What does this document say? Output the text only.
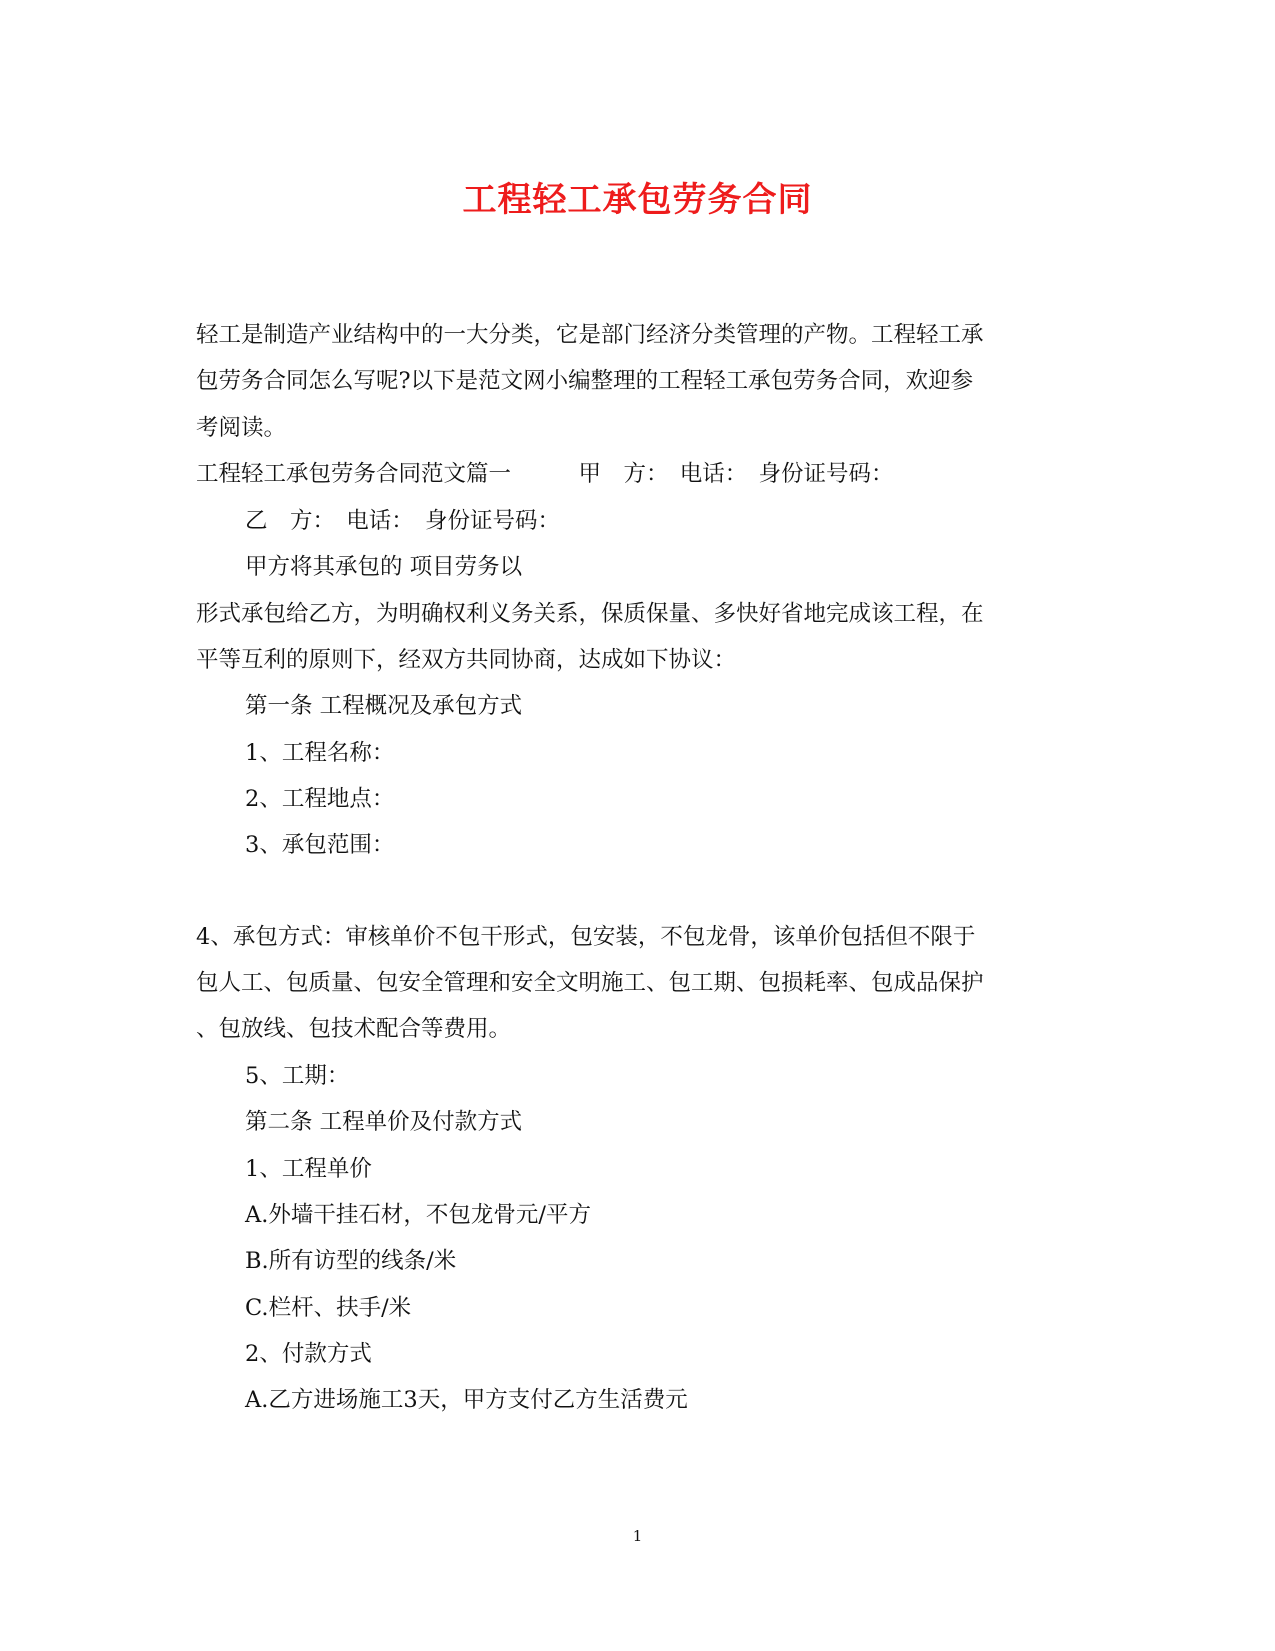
工程轻工承包劳务合同
轻工是制造产业结构中的一大分类，它是部门经济分类管理的产物。工程轻工承
包劳务合同怎么写呢?以下是范文网小编整理的工程轻工承包劳务合同，欢迎参
考阅读。
工程轻工承包劳务合同范文篇一　　　甲　方：　电话：　身份证号码：
乙　方：　电话：　身份证号码：
甲方将其承包的 项目劳务以
形式承包给乙方，为明确权利义务关系，保质保量、多快好省地完成该工程，在
平等互利的原则下，经双方共同协商，达成如下协议：
第一条 工程概况及承包方式
1、工程名称：
2、工程地点：
3、承包范围：
4、承包方式：审核单价不包干形式，包安装，不包龙骨，该单价包括但不限于
包人工、包质量、包安全管理和安全文明施工、包工期、包损耗率、包成品保护
、包放线、包技术配合等费用。
5、工期：
第二条 工程单价及付款方式
1、工程单价
A.外墙干挂石材，不包龙骨元/平方
B.所有访型的线条/米
C.栏杆、扶手/米
2、付款方式
A.乙方进场施工3天，甲方支付乙方生活费元
1
